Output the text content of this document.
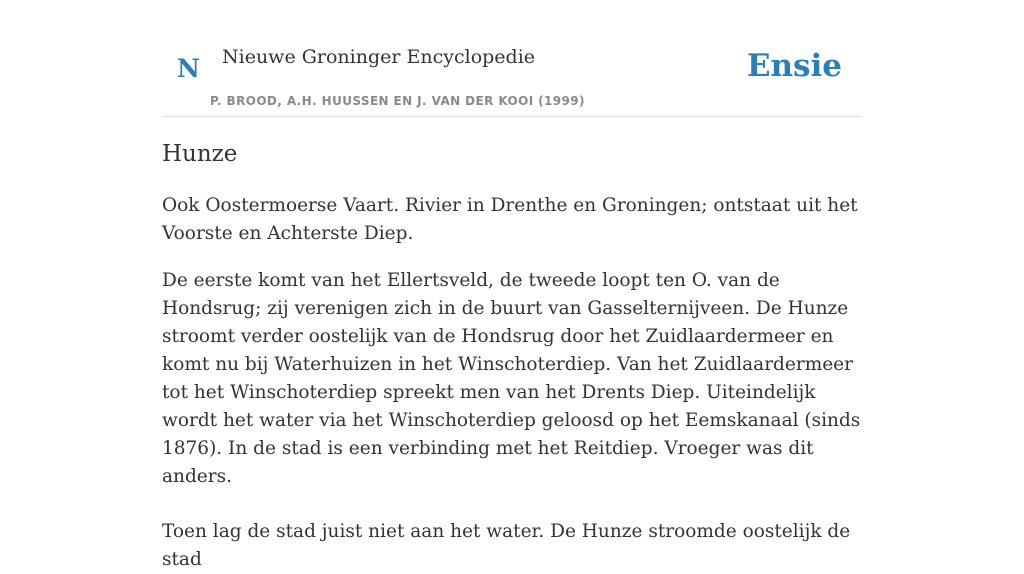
N Nieuwe Groninger Encyclopedie
P. BROOD, A.H. HUUSSEN EN J. VAN DER KOOI (1999)
Ensie
Hunze

Ook Oostermoerse Vaart. Rivier in Drenthe en Groningen; ontstaat uit het Voorste en Achterste Diep.

De eerste komt van het Ellertsveld, de tweede loopt ten O. van de Hondsrug; zij verenigen zich in de buurt van Gasselternijveen. De Hunze stroomt verder oostelijk van de Hondsrug door het Zuidlaardermeer en komt nu bij Waterhuizen in het Winschoterdiep. Van het Zuidlaardermeer tot het Winschoterdiep spreekt men van het Drents Diep. Uiteindelijk wordt het water via het Winschoterdiep geloosd op het Eemskanaal (sinds 1876). In de stad is een verbinding met het Reitdiep. Vroeger was dit anders.

Toen lag de stad juist niet aan het water. De Hunze stroomde oostelijk de stad
